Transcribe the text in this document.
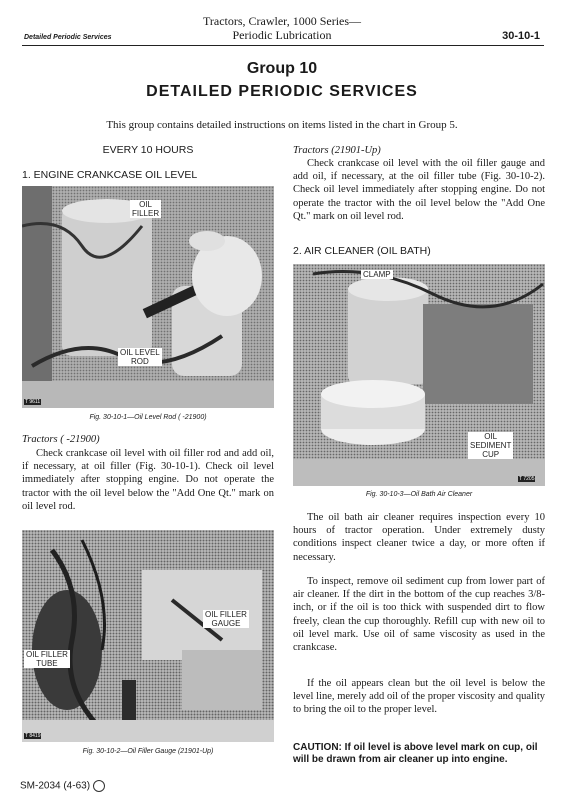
Tractors, Crawler, 1000 Series—
Periodic Lubrication
Detailed Periodic Services	30-10-1
Group 10
DETAILED PERIODIC SERVICES
This group contains detailed instructions on items listed in the chart in Group 5.
EVERY 10 HOURS
1. ENGINE CRANKCASE OIL LEVEL
OIL
FILLER
OIL LEVEL
ROD
T 9611
Fig. 30-10-1—Oil Level Rod ( -21900)
Tractors ( -21900)
Check crankcase oil level with oil filler rod and add oil, if necessary, at oil filler (Fig. 30-10-1). Check oil level immediately after stopping engine. Do not operate the tractor with the oil level below the "Add One Qt." mark on oil level rod.
OIL FILLER
GAUGE
OIL FILLER
TUBE
T 8419
Fig. 30-10-2—Oil Filler Gauge (21901-Up)
Tractors (21901-Up)
Check crankcase oil level with the oil filler gauge and add oil, if necessary, at the oil filler tube (Fig. 30-10-2). Check oil level immediately after stopping engine. Do not operate the tractor with the oil level below the "Add One Qt." mark on oil level rod.
2. AIR CLEANER (OIL BATH)
CLAMP
OIL
SEDIMENT
CUP
T 7205
Fig. 30-10-3—Oil Bath Air Cleaner
The oil bath air cleaner requires inspection every 10 hours of tractor operation. Under extremely dusty conditions inspect cleaner twice a day, or more often if necessary.
To inspect, remove oil sediment cup from lower part of air cleaner. If the dirt in the bottom of the cup reaches 3/8-inch, or if the oil is too thick with suspended dirt to flow freely, clean the cup thoroughly. Refill cup with new oil to oil level mark. Use oil of same viscosity as used in the crankcase.
If the oil appears clean but the oil level is below the level line, merely add oil of the proper viscosity and quality to bring the oil to the proper level.
CAUTION: If oil level is above level mark on cup, oil will be drawn from air cleaner up into engine.
SM-2034 (4-63)
